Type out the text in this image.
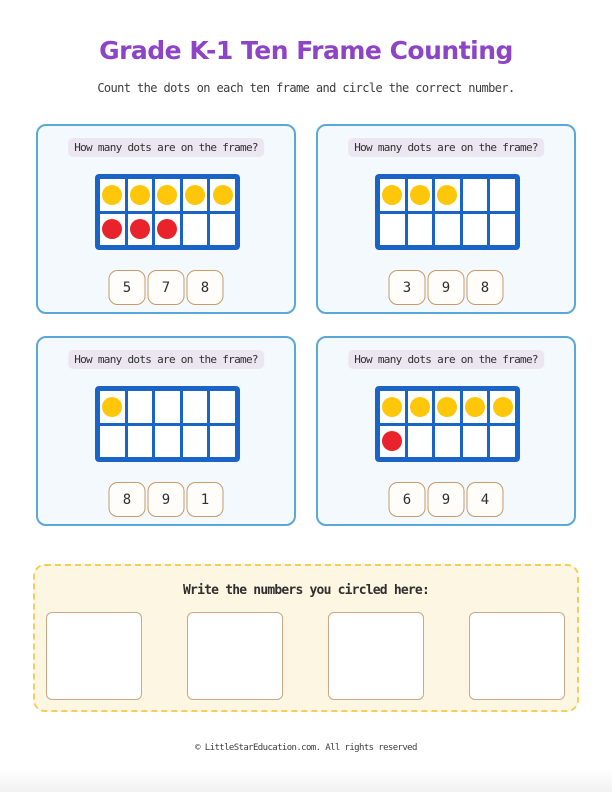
Grade K-1 Ten Frame Counting
Count the dots on each ten frame and circle the correct number.
How many dots are on the frame?
5	7	8
How many dots are on the frame?
3	9	8
How many dots are on the frame?
8	9	1
How many dots are on the frame?
6	9	4
Write the numbers you circled here:
© LittleStarEducation.com. All rights reserved
